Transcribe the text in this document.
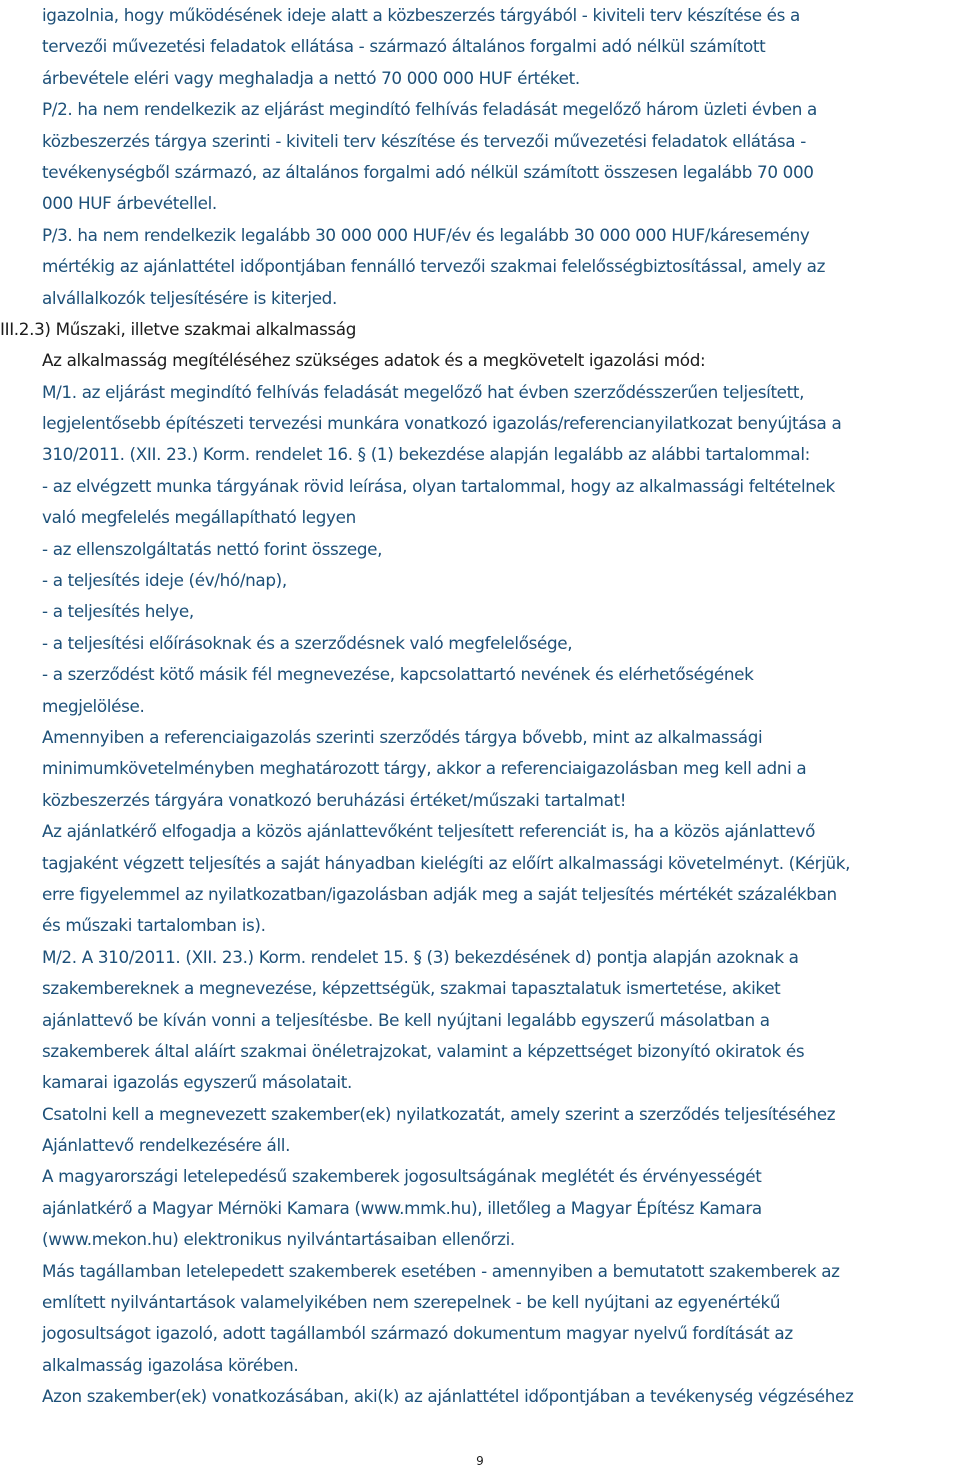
igazolnia, hogy működésének ideje alatt a közbeszerzés tárgyából - kiviteli terv készítése és a
tervezői művezetési feladatok ellátása - származó általános forgalmi adó nélkül számított
árbevétele eléri vagy meghaladja a nettó 70 000 000 HUF értéket.
P/2. ha nem rendelkezik az eljárást megindító felhívás feladását megelőző három üzleti évben a
közbeszerzés tárgya szerinti - kiviteli terv készítése és tervezői művezetési feladatok ellátása -
tevékenységből származó, az általános forgalmi adó nélkül számított összesen legalább 70 000
000 HUF árbevétellel.
P/3. ha nem rendelkezik legalább 30 000 000 HUF/év és legalább 30 000 000 HUF/káresemény
mértékig az ajánlattétel időpontjában fennálló tervezői szakmai felelősségbiztosítással, amely az
alvállalkozók teljesítésére is kiterjed.
III.2.3) Műszaki, illetve szakmai alkalmasság
Az alkalmasság megítéléséhez szükséges adatok és a megkövetelt igazolási mód:
M/1. az eljárást megindító felhívás feladását megelőző hat évben szerződésszerűen teljesített,
legjelentősebb építészeti tervezési munkára vonatkozó igazolás/referencianyilatkozat benyújtása a
310/2011. (XII. 23.) Korm. rendelet 16. § (1) bekezdése alapján legalább az alábbi tartalommal:
- az elvégzett munka tárgyának rövid leírása, olyan tartalommal, hogy az alkalmassági feltételnek
való megfelelés megállapítható legyen
- az ellenszolgáltatás nettó forint összege,
- a teljesítés ideje (év/hó/nap),
- a teljesítés helye,
- a teljesítési előírásoknak és a szerződésnek való megfelelősége,
- a szerződést kötő másik fél megnevezése, kapcsolattartó nevének és elérhetőségének
megjelölése.
Amennyiben a referenciaigazolás szerinti szerződés tárgya bővebb, mint az alkalmassági
minimumkövetelményben meghatározott tárgy, akkor a referenciaigazolásban meg kell adni a
közbeszerzés tárgyára vonatkozó beruházási értéket/műszaki tartalmat!
Az ajánlatkérő elfogadja a közös ajánlattevőként teljesített referenciát is, ha a közös ajánlattevő
tagjaként végzett teljesítés a saját hányadban kielégíti az előírt alkalmassági követelményt. (Kérjük,
erre figyelemmel az nyilatkozatban/igazolásban adják meg a saját teljesítés mértékét százalékban
és műszaki tartalomban is).
M/2. A 310/2011. (XII. 23.) Korm. rendelet 15. § (3) bekezdésének d) pontja alapján azoknak a
szakembereknek a megnevezése, képzettségük, szakmai tapasztalatuk ismertetése, akiket
ajánlattevő be kíván vonni a teljesítésbe. Be kell nyújtani legalább egyszerű másolatban a
szakemberek által aláírt szakmai önéletrajzokat, valamint a képzettséget bizonyító okiratok és
kamarai igazolás egyszerű másolatait.
Csatolni kell a megnevezett szakember(ek) nyilatkozatát, amely szerint a szerződés teljesítéséhez
Ajánlattevő rendelkezésére áll.
A magyarországi letelepedésű szakemberek jogosultságának meglétét és érvényességét
ajánlatkérő a Magyar Mérnöki Kamara (www.mmk.hu), illetőleg a Magyar Építész Kamara
(www.mekon.hu) elektronikus nyilvántartásaiban ellenőrzi.
Más tagállamban letelepedett szakemberek esetében - amennyiben a bemutatott szakemberek az
említett nyilvántartások valamelyikében nem szerepelnek - be kell nyújtani az egyenértékű
jogosultságot igazoló, adott tagállamból származó dokumentum magyar nyelvű fordítását az
alkalmasság igazolása körében.
Azon szakember(ek) vonatkozásában, aki(k) az ajánlattétel időpontjában a tevékenység végzéséhez
9
